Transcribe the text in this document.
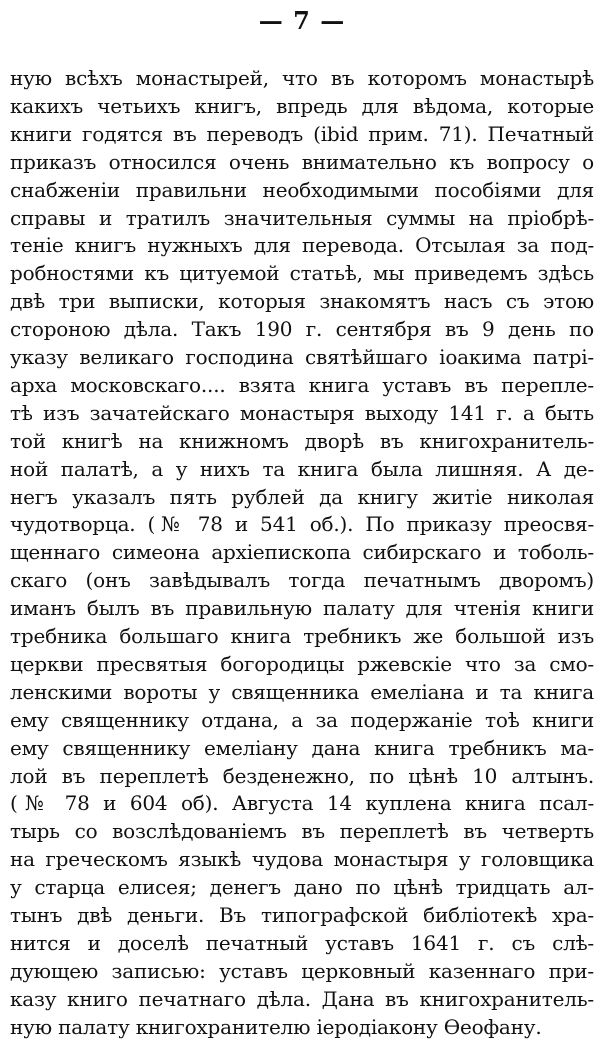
— 7 —
ную всѣхъ монастырей, что въ которомъ монастырѣ
какихъ четьихъ книгъ, впредь для вѣдома, которые
книги годятся въ переводъ (ibid прим. 71). Печатный
приказъ относился очень внимательно къ вопросу о
снабженіи правильни необходимыми пособіями для
справы и тратилъ значительныя суммы на пріобрѣ-
теніе книгъ нужныхъ для перевода. Отсылая за под-
робностями къ цитуемой статьѣ, мы приведемъ здѣсь
двѣ три выписки, которыя знакомятъ насъ съ этою
стороною дѣла. Такъ 190 г. сентября въ 9 день по
указу великаго господина святѣйшаго іоакима патрі-
арха московскаго.... взята книга уставъ въ переплe-
тѣ изъ зачатейскаго монастыря выходу 141 г. а быть
той книгѣ на книжномъ дворѣ въ книгохранитель-
ной палатѣ, а у нихъ та книга была лишняя. А де-
негъ указалъ пять рублей да книгу житіе николая
чудотворца. (№ 78 и 541 об.). По приказу преосвя-
щеннаго симеона архіепископа сибирскаго и тоболь-
скаго (онъ завѣдывалъ тогда печатнымъ дворомъ)
иманъ былъ въ правильную палату для чтенія книги
требника большаго книга требникъ же большой изъ
церкви пресвятыя богородицы ржевскіе что за смо-
ленскими вороты у священника емеліана и та книга
ему священнику отдана, а за подержаніе тоѣ книги
ему священнику емеліану дана книга требникъ ма-
лой въ переплетѣ безденежно, по цѣнѣ 10 алтынъ.
(№ 78 и 604 об). Августа 14 куплена книга псал-
тырь со возслѣдованіемъ въ переплетѣ въ четверть
на греческомъ языкѣ чудова монастыря у головщика
у старца елисея; денегъ дано по цѣнѣ тридцать ал-
тынъ двѣ деньги. Въ типографской библіотекѣ хра-
нится и доселѣ печатный уставъ 1641 г. съ слѣ-
дующею записью: уставъ церковный казеннаго при-
казу книго печатнаго дѣла. Дана въ книгохранитель-
ную палату книгохранителю іеродіакону Ѳеофану.
